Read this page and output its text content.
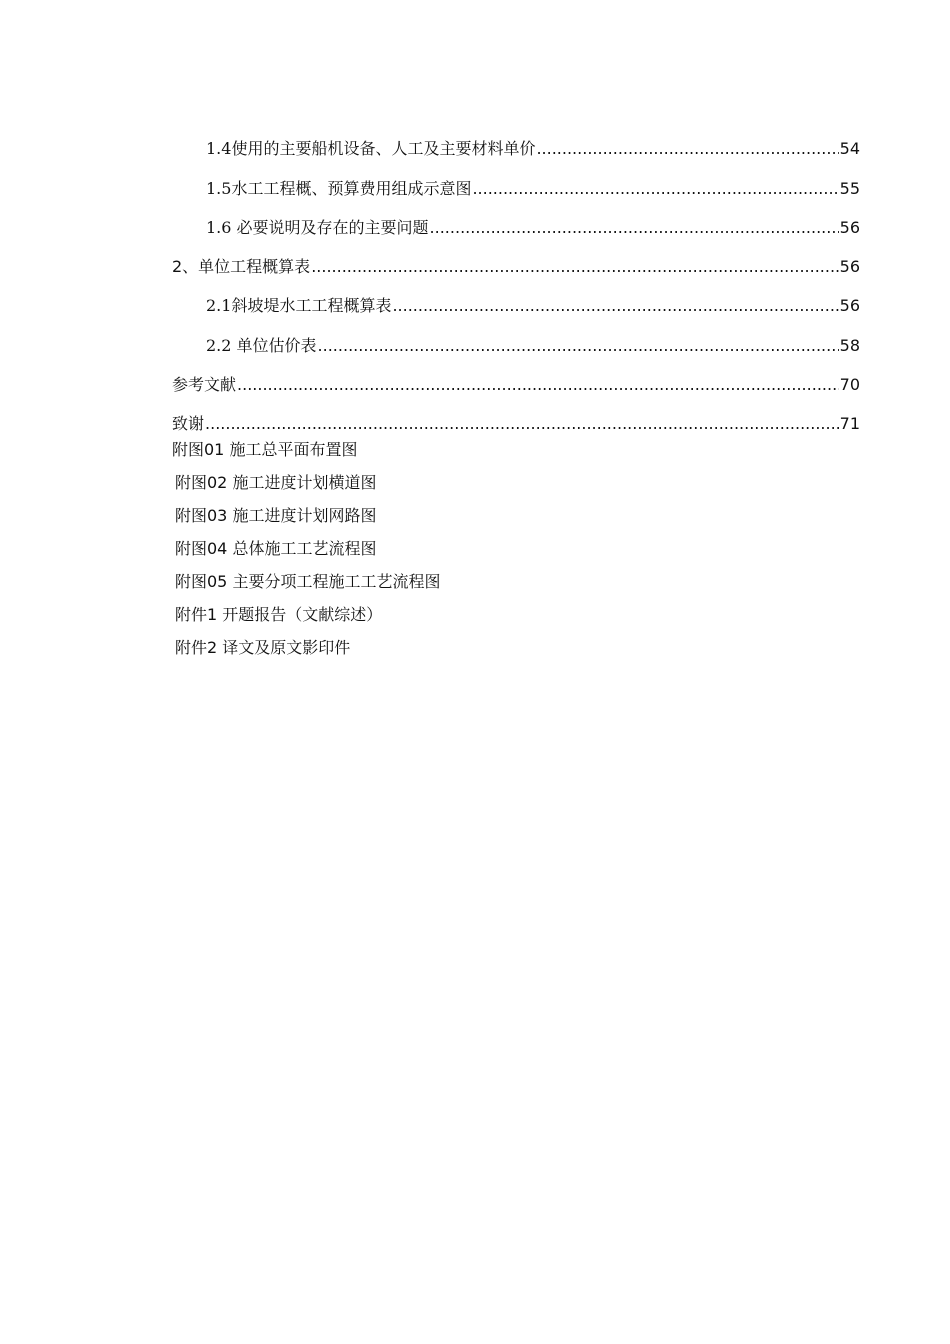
1.4使用的主要船机设备、人工及主要材料单价 .....	54
1.5水工工程概、预算费用组成示意图 .....	55
1.6 必要说明及存在的主要问题 .....	56
2、单位工程概算表 .....	56
2.1斜坡堤水工工程概算表 .....	56
2.2 单位估价表 .....	58
参考文献 .....	70
致谢 .....	71
附图01 施工总平面布置图
附图02 施工进度计划横道图
附图03 施工进度计划网路图
附图04 总体施工工艺流程图
附图05 主要分项工程施工工艺流程图
附件1 开题报告（文献综述）
附件2 译文及原文影印件
